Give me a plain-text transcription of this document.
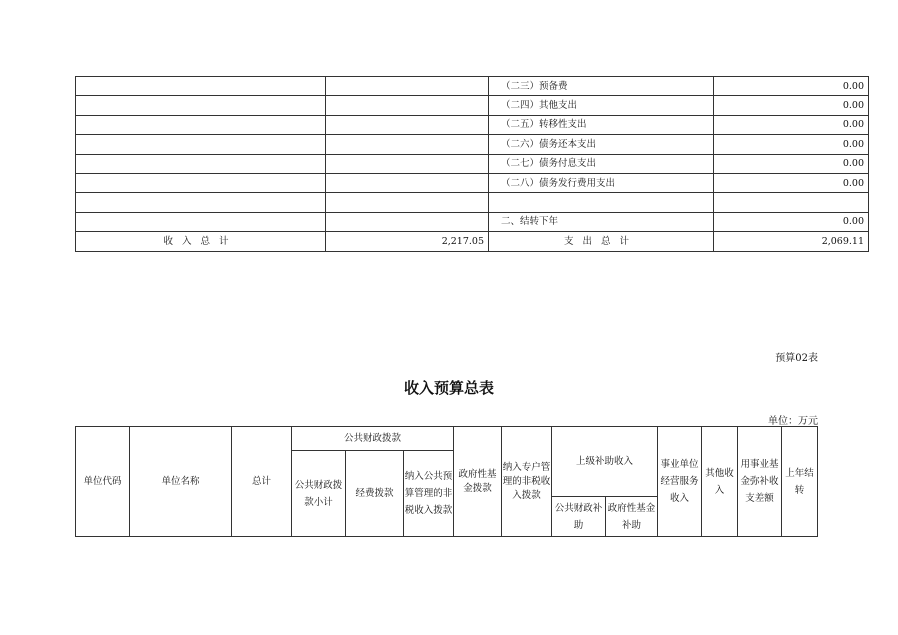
		（二三）预备费	0.00
		（二四）其他支出	0.00
		（二五）转移性支出	0.00
		（二六）债务还本支出	0.00
		（二七）债务付息支出	0.00
		（二八）债务发行费用支出	0.00

		二、结转下年	0.00
收入总计	2,217.05	支出总计	2,069.11
预算02表
收入预算总表
单位：万元
单位代码	单位名称	总计	公共财政拨款			政府性基金拨款	纳入专户管理的非税收入拨款	上级补助收入		事业单位经营服务收入	其他收入	用事业基金弥补收支差额	上年结转
			公共财政拨款小计	经费拨款	纳入公共预算管理的非税收入拨款								
								公共财政补助	政府性基金补助				
